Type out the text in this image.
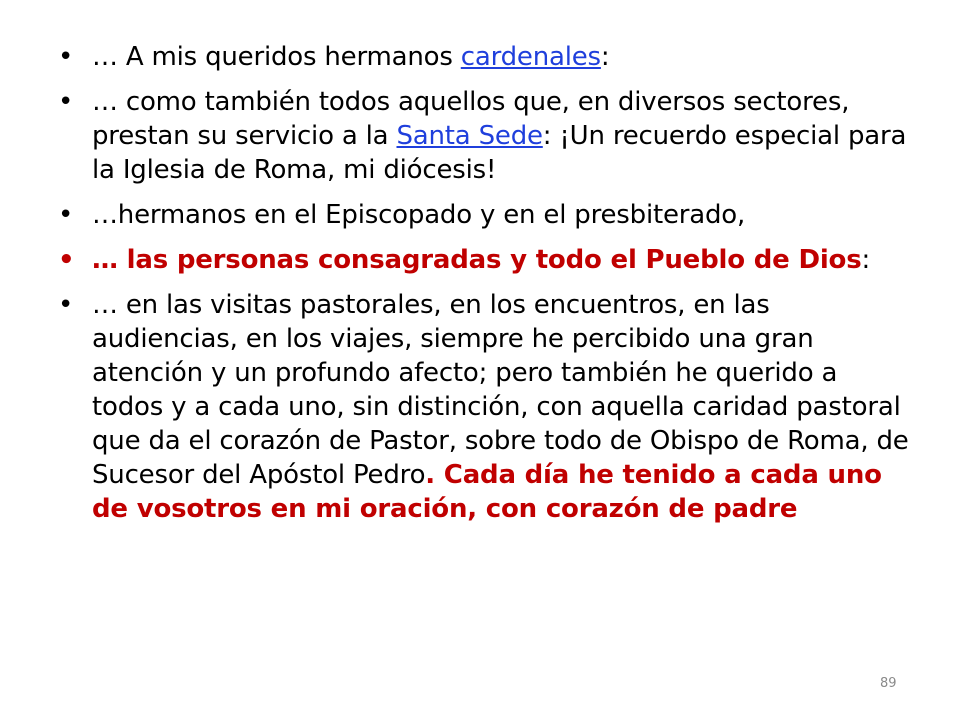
• … A mis queridos hermanos cardenales:
• … como también todos aquellos que, en diversos sectores, prestan su servicio a la Santa Sede: ¡Un recuerdo especial para la Iglesia de Roma, mi diócesis!
• …hermanos en el Episcopado y en el presbiterado,
• … las personas consagradas y todo el Pueblo de Dios:
• … en las visitas pastorales, en los encuentros, en las audiencias, en los viajes, siempre he percibido una gran atención y un profundo afecto; pero también he querido a todos y a cada uno, sin distinción, con aquella caridad pastoral que da el corazón de Pastor, sobre todo de Obispo de Roma, de Sucesor del Apóstol Pedro. Cada día he tenido a cada uno de vosotros en mi oración, con corazón de padre
89
